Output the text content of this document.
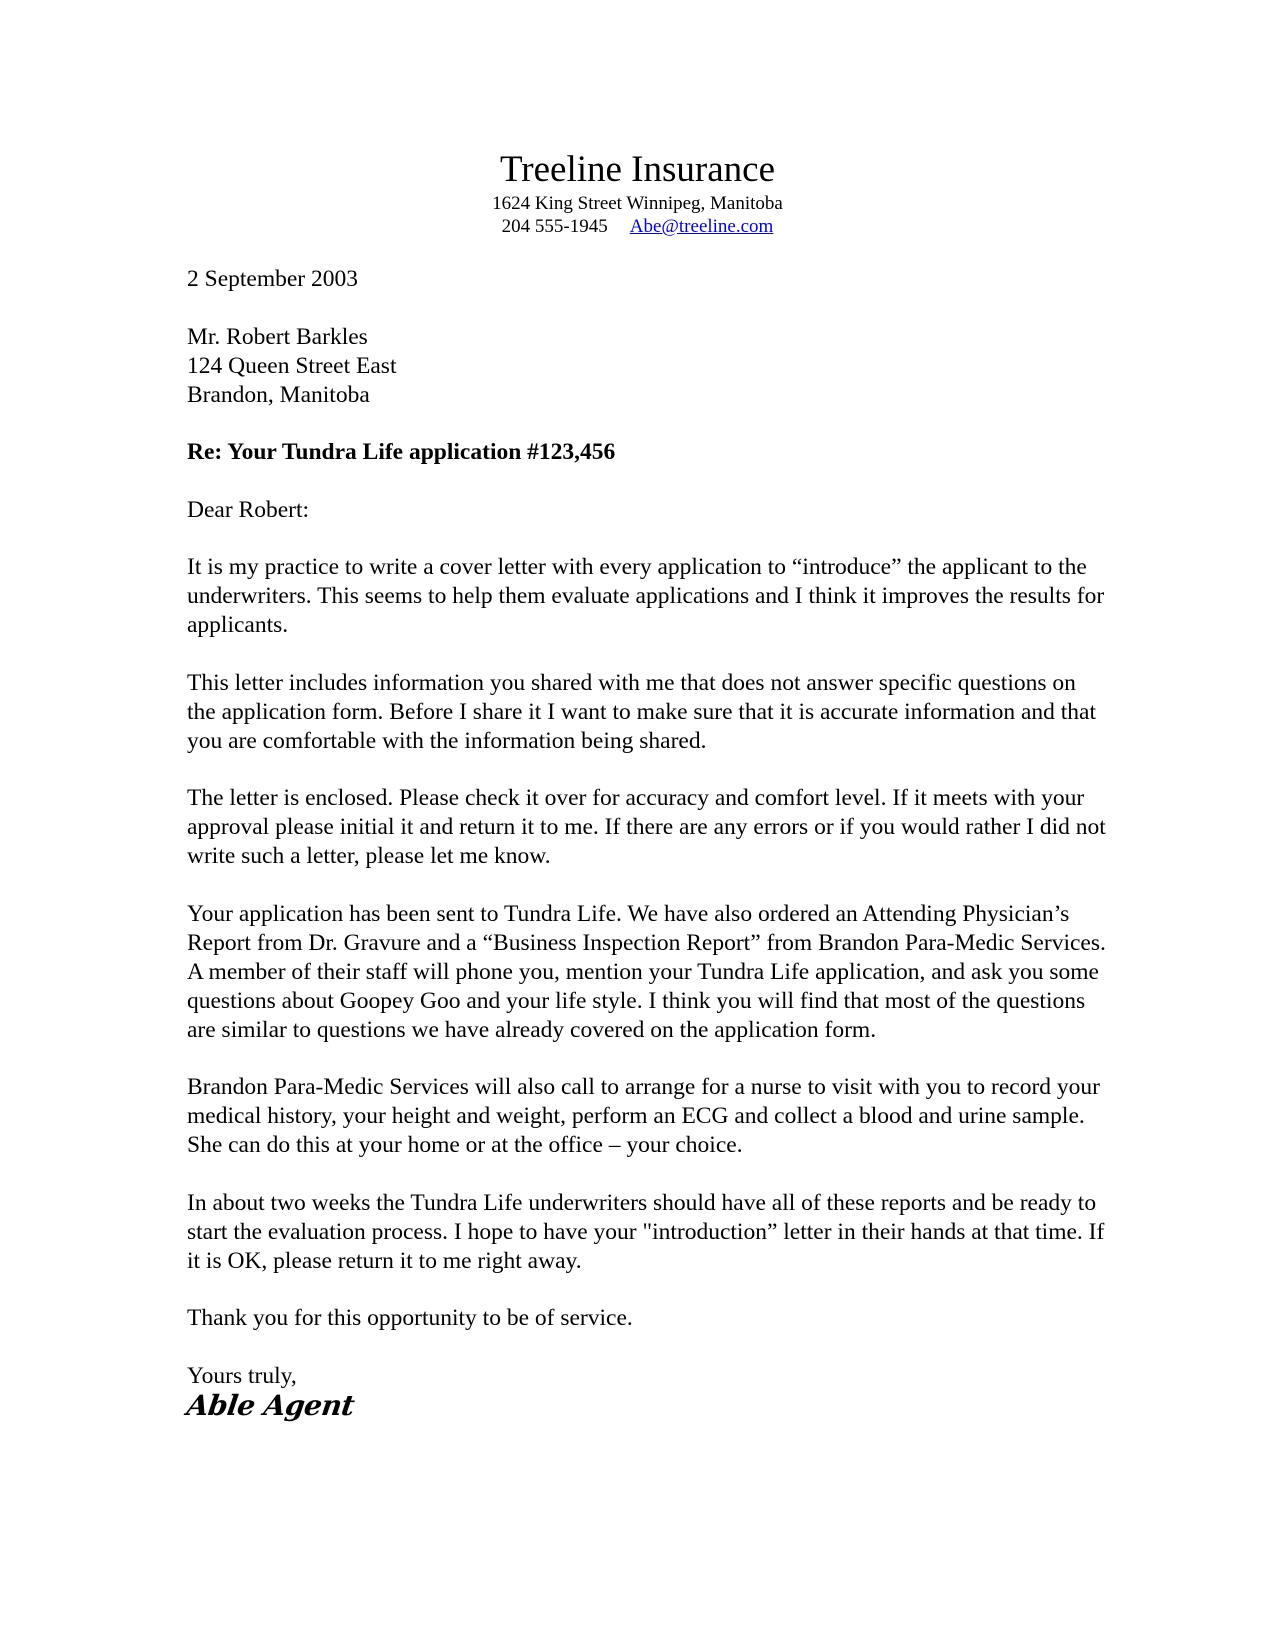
Treeline Insurance
1624 King Street Winnipeg, Manitoba
204 555-1945 Abe@treeline.com

2 September 2003

Mr. Robert Barkles
124 Queen Street East
Brandon, Manitoba

Re: Your Tundra Life application #123,456

Dear Robert:

It is my practice to write a cover letter with every application to “introduce” the applicant to the underwriters. This seems to help them evaluate applications and I think it improves the results for applicants.

This letter includes information you shared with me that does not answer specific questions on the application form. Before I share it I want to make sure that it is accurate information and that you are comfortable with the information being shared.

The letter is enclosed. Please check it over for accuracy and comfort level. If it meets with your approval please initial it and return it to me. If there are any errors or if you would rather I did not write such a letter, please let me know.

Your application has been sent to Tundra Life. We have also ordered an Attending Physician’s Report from Dr. Gravure and a “Business Inspection Report” from Brandon Para-Medic Services. A member of their staff will phone you, mention your Tundra Life application, and ask you some questions about Goopey Goo and your life style. I think you will find that most of the questions are similar to questions we have already covered on the application form.

Brandon Para-Medic Services will also call to arrange for a nurse to visit with you to record your medical history, your height and weight, perform an ECG and collect a blood and urine sample. She can do this at your home or at the office – your choice.

In about two weeks the Tundra Life underwriters should have all of these reports and be ready to start the evaluation process. I hope to have your "introduction” letter in their hands at that time. If it is OK, please return it to me right away.

Thank you for this opportunity to be of service.

Yours truly,

Able Agent
